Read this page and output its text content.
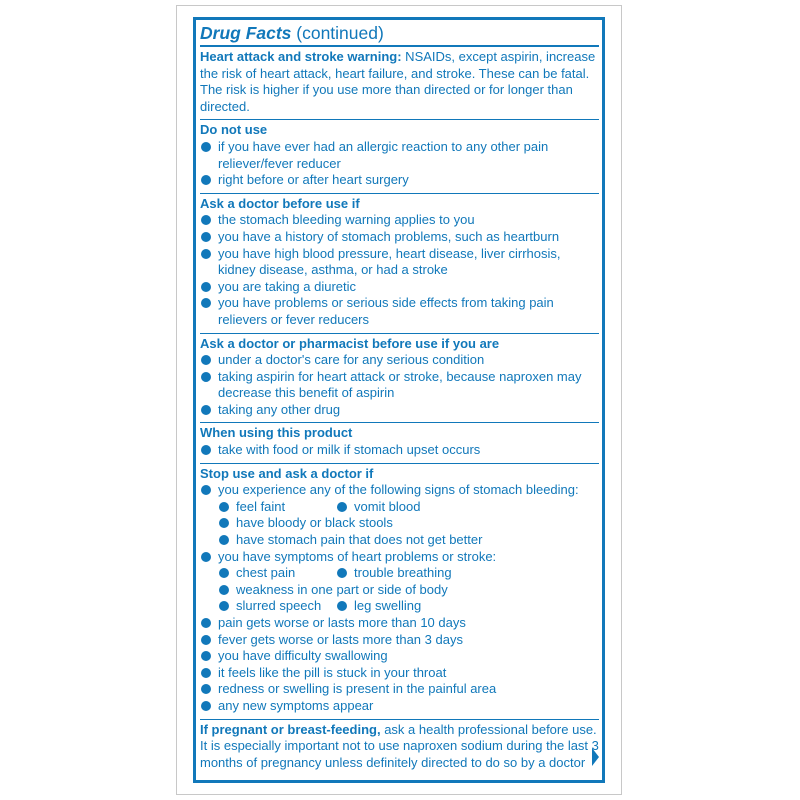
Drug Facts (continued)

Heart attack and stroke warning: NSAIDs, except aspirin, increase the risk of heart attack, heart failure, and stroke. These can be fatal. The risk is higher if you use more than directed or for longer than directed.

Do not use
if you have ever had an allergic reaction to any other pain reliever/fever reducer
right before or after heart surgery
Ask a doctor before use if
the stomach bleeding warning applies to you
you have a history of stomach problems, such as heartburn
you have high blood pressure, heart disease, liver cirrhosis, kidney disease, asthma, or had a stroke
you are taking a diuretic
you have problems or serious side effects from taking pain relievers or fever reducers
Ask a doctor or pharmacist before use if you are
under a doctor's care for any serious condition
taking aspirin for heart attack or stroke, because naproxen may decrease this benefit of aspirin
taking any other drug
When using this product
take with food or milk if stomach upset occurs
Stop use and ask a doctor if
you experience any of the following signs of stomach bleeding:
feel faint	vomit blood
have bloody or black stools
have stomach pain that does not get better
you have symptoms of heart problems or stroke:
chest pain	trouble breathing
weakness in one part or side of body
slurred speech	leg swelling
pain gets worse or lasts more than 10 days
fever gets worse or lasts more than 3 days
you have difficulty swallowing
it feels like the pill is stuck in your throat
redness or swelling is present in the painful area
any new symptoms appear

If pregnant or breast-feeding, ask a health professional before use. It is especially important not to use naproxen sodium during the last 3 months of pregnancy unless definitely directed to do so by a doctor
